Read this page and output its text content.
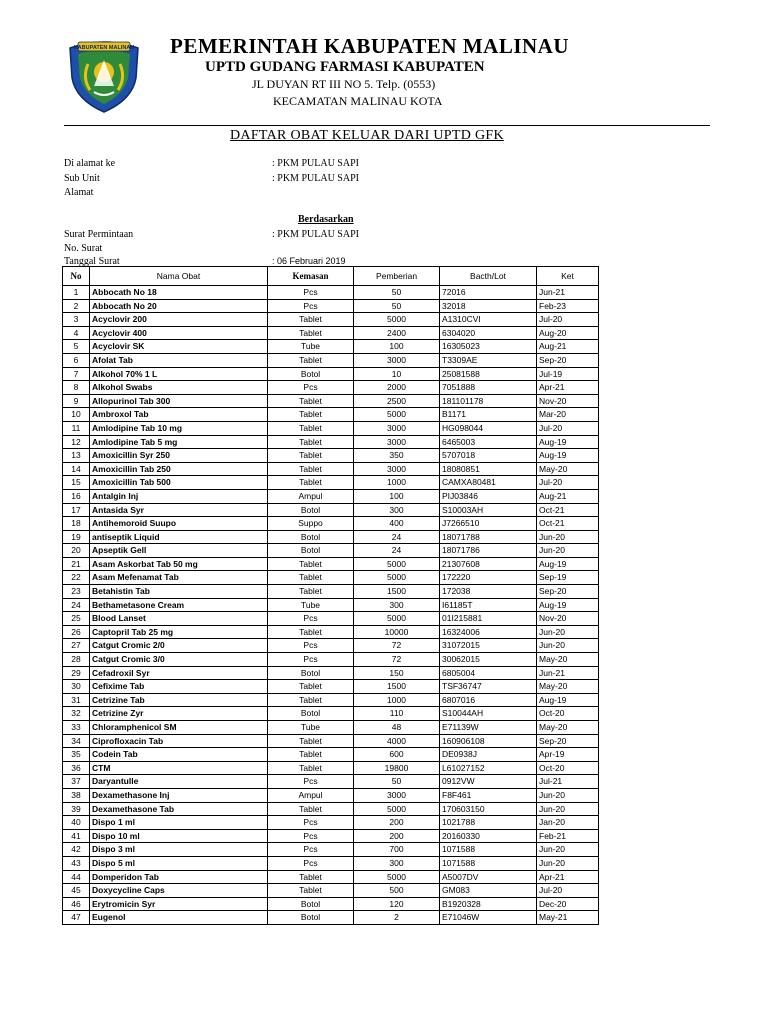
KABUPATEN MALINAU PEMERINTAH KABUPATEN MALINAU
UPTD GUDANG FARMASI KABUPATEN
JL DUYAN RT III NO 5. Telp. (0553)
KECAMATAN MALINAU KOTA
DAFTAR OBAT KELUAR DARI UPTD GFK
Di alamat ke	: PKM PULAU SAPI
Sub Unit	: PKM PULAU SAPI
Alamat
Berdasarkan
Surat Permintaan	: PKM PULAU SAPI
No. Surat
Tanggal Surat	: 06 Februari 2019
No	Nama Obat	Kemasan	Pemberian	Bacth/Lot	Ket
1	Abbocath No 18	Pcs	50	72016	Jun-21
2	Abbocath No 20	Pcs	50	32018	Feb-23
3	Acyclovir 200	Tablet	5000	A1310CVI	Jul-20
4	Acyclovir 400	Tablet	2400	6304020	Aug-20
5	Acyclovir SK	Tube	100	16305023	Aug-21
6	Afolat Tab	Tablet	3000	T3309AE	Sep-20
7	Alkohol 70% 1 L	Botol	10	25081588	Jul-19
8	Alkohol Swabs	Pcs	2000	7051888	Apr-21
9	Allopurinol Tab 300	Tablet	2500	181101178	Nov-20
10	Ambroxol Tab	Tablet	5000	B1171	Mar-20
11	Amlodipine Tab 10 mg	Tablet	3000	HG098044	Jul-20
12	Amlodipine Tab 5 mg	Tablet	3000	6465003	Aug-19
13	Amoxicillin Syr 250	Tablet	350	5707018	Aug-19
14	Amoxicillin Tab 250	Tablet	3000	18080851	May-20
15	Amoxicillin Tab 500	Tablet	1000	CAMXA80481	Jul-20
16	Antalgin Inj	Ampul	100	PIJ03846	Aug-21
17	Antasida Syr	Botol	300	S10003AH	Oct-21
18	Antihemoroid Suupo	Suppo	400	J7266510	Oct-21
19	antiseptik Liquid	Botol	24	18071788	Jun-20
20	Apseptik Gell	Botol	24	18071786	Jun-20
21	Asam Askorbat Tab 50 mg	Tablet	5000	21307608	Aug-19
22	Asam Mefenamat Tab	Tablet	5000	172220	Sep-19
23	Betahistin Tab	Tablet	1500	172038	Sep-20
24	Bethametasone Cream	Tube	300	I61185T	Aug-19
25	Blood Lanset	Pcs	5000	01I215881	Nov-20
26	Captopril Tab 25 mg	Tablet	10000	16324006	Jun-20
27	Catgut Cromic 2/0	Pcs	72	31072015	Jun-20
28	Catgut Cromic 3/0	Pcs	72	30062015	May-20
29	Cefadroxil Syr	Botol	150	6805004	Jun-21
30	Cefixime Tab	Tablet	1500	TSF36747	May-20
31	Cetrizine Tab	Tablet	1000	6807016	Aug-19
32	Cetrizine Zyr	Botol	110	S10044AH	Oct-20
33	Chloramphenicol SM	Tube	48	E71139W	May-20
34	Ciprofloxacin Tab	Tablet	4000	160906108	Sep-20
35	Codein Tab	Tablet	600	DE0938J	Apr-19
36	CTM	Tablet	19800	L61027152	Oct-20
37	Daryantulle	Pcs	50	0912VW	Jul-21
38	Dexamethasone Inj	Ampul	3000	F8F461	Jun-20
39	Dexamethasone Tab	Tablet	5000	170603150	Jun-20
40	Dispo 1 ml	Pcs	200	1021788	Jan-20
41	Dispo 10 ml	Pcs	200	20160330	Feb-21
42	Dispo 3 ml	Pcs	700	1071588	Jun-20
43	Dispo 5 ml	Pcs	300	1071588	Jun-20
44	Domperidon Tab	Tablet	5000	A5007DV	Apr-21
45	Doxycycline Caps	Tablet	500	GM083	Jul-20
46	Erytromicin Syr	Botol	120	B1920328	Dec-20
47	Eugenol	Botol	2	E71046W	May-21
